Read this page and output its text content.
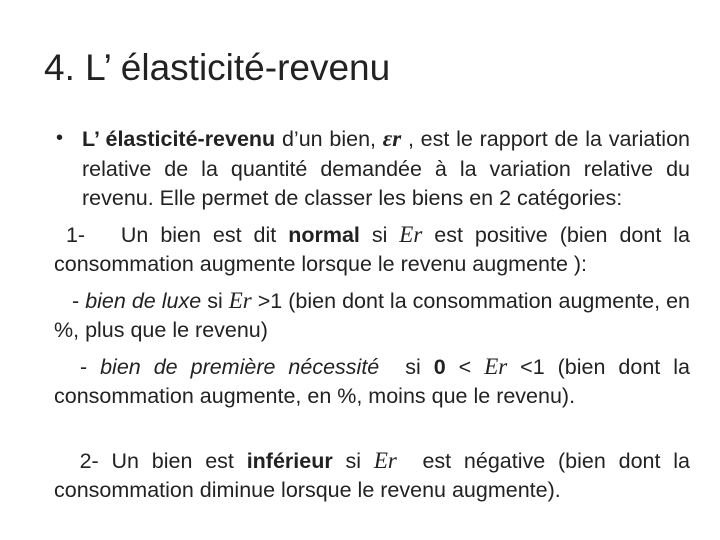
4. L’ élasticité-revenu

• L’ élasticité-revenu d’un bien, εr , est le rapport de la variation relative de la quantité demandée à la variation relative du revenu. Elle permet de classer les biens en 2 catégories:

1-   Un bien est dit normal si Er est positive (bien dont la consommation augmente lorsque le revenu augmente ):

- bien de luxe si Er >1 (bien dont la consommation augmente, en %, plus que le revenu)

- bien de première nécessité  si 0 < Er <1 (bien dont la consommation augmente, en %, moins que le revenu).

2- Un bien est inférieur si Er  est négative (bien dont la consommation diminue lorsque le revenu augmente).
